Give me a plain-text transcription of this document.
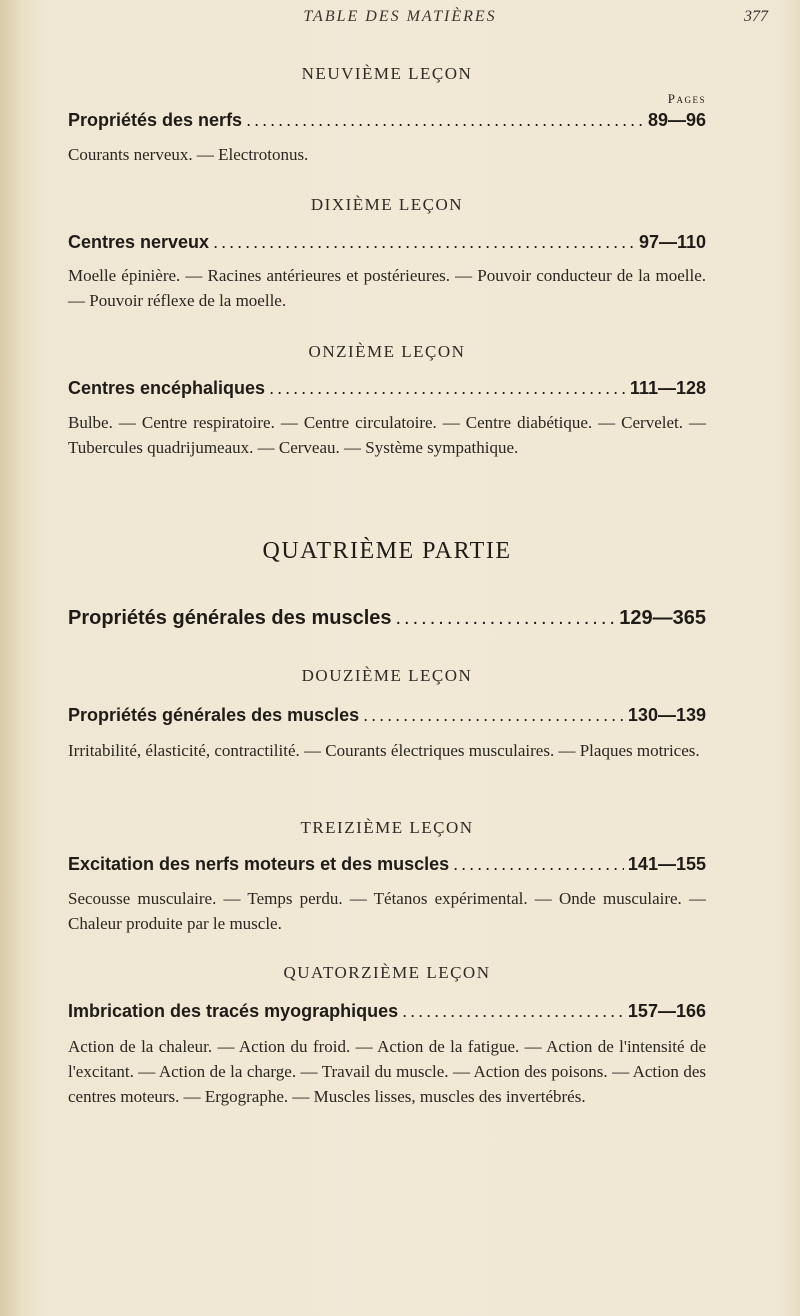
TABLE DES MATIÈRES	377
NEUVIÈME LEÇON
Pages
Propriétés des nerfs .....	89—96
Courants nerveux. — Electrotonus.
DIXIÈME LEÇON
Centres nerveux .....	97—110
Moelle épinière. — Racines antérieures et postérieures. — Pouvoir conducteur de la moelle. — Pouvoir réflexe de la moelle.
ONZIÈME LEÇON
Centres encéphaliques .....	111—128
Bulbe. — Centre respiratoire. — Centre circulatoire. — Centre diabétique. — Cervelet. — Tubercules quadrijumeaux. — Cerveau. — Système sympathique.
QUATRIÈME PARTIE
Propriétés générales des muscles .....	129—365
DOUZIÈME LEÇON
Propriétés générales des muscles .....	130—139
Irritabilité, élasticité, contractilité. — Courants électriques musculaires. — Plaques motrices.
TREIZIÈME LEÇON
Excitation des nerfs moteurs et des muscles .....	141—155
Secousse musculaire. — Temps perdu. — Tétanos expérimental. — Onde musculaire. — Chaleur produite par le muscle.
QUATORZIÈME LEÇON
Imbrication des tracés myographiques .....	157—166
Action de la chaleur. — Action du froid. — Action de la fatigue. — Action de l'intensité de l'excitant. — Action de la charge. — Travail du muscle. — Action des poisons. — Action des centres moteurs. — Ergographe. — Muscles lisses, muscles des invertébrés.
